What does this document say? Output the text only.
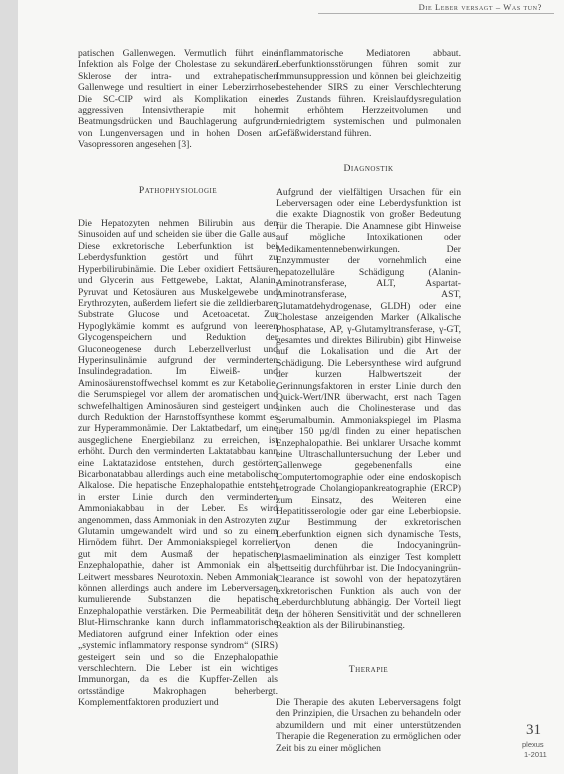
Die Leber versagt – Was tun?

patischen Gallenwegen. Vermutlich führt eine Infektion als Folge der Cholestase zu sekundären Sklerose der intra- und extrahepatischen Gallenwege und resultiert in einer Leberzirrhose. Die SC-CIP wird als Komplikation einer aggressiven Intensivtherapie mit hohen Beatmungsdrücken und Bauchlagerung aufgrund von Lungenversagen und in hohen Dosen an Vasopressoren angesehen [3].

Pathophysiologie

Die Hepatozyten nehmen Bilirubin aus den Sinusoiden auf und scheiden sie über die Galle aus. Diese exkretorische Leberfunktion ist bei Leberdysfunktion gestört und führt zu Hyperbilirubinämie. Die Leber oxidiert Fettsäuren und Glycerin aus Fettgewebe, Laktat, Alanin, Pyruvat und Ketosäuren aus Muskelgewebe und Erythrozyten, außerdem liefert sie die zelldierbaren Substrate Glucose und Acetoacetat. Zur Hypoglykämie kommt es aufgrund von leeren Glycogenspeichern und Reduktion der Gluconeogenese durch Leberzellverlust und Hyperinsulinämie aufgrund der verminderten Insulindegradation. Im Eiweiß- und Aminosäurenstoffwechsel kommt es zur Ketabolie, die Serumspiegel vor allem der aromatischen und schwefelhaltigen Aminosäuren sind gesteigert und durch Reduktion der Harnstoffsynthese kommt es zur Hyperammonämie. Der Laktatbedarf, um eine ausgeglichene Energiebilanz zu erreichen, ist erhöht. Durch den verminderten Laktatabbau kann eine Laktatazidose entstehen, durch gestörten Bicarbonatabbau allerdings auch eine metabolische Alkalose. Die hepatische Enzephalopathie entsteht in erster Linie durch den verminderten Ammoniakabbau in der Leber. Es wird angenommen, dass Ammoniak in den Astrozyten zu Glutamin umgewandelt wird und so zu einem Hirnödem führt. Der Ammoniakspiegel korreliert gut mit dem Ausmaß der hepatischen Enzephalopathie, daher ist Ammoniak ein als Leitwert messbares Neurotoxin. Neben Ammoniak können allerdings auch andere im Leberversagen kumulierende Substanzen die hepatische Enzephalopathie verstärken. Die Permeabilität der Blut-Hirnschranke kann durch inflammatorische Mediatoren aufgrund einer Infektion oder eines „systemic inflammatory response syndrom“ (SIRS) gesteigert sein und so die Enzephalopathie verschlechtern. Die Leber ist ein wichtiges Immunorgan, da es die Kupffer-Zellen als ortsständige Makrophagen beherbergt. Komplementfaktoren produziert und

inflammatorische Mediatoren abbaut. Leberfunktionsstörungen führen somit zur Immunsuppression und können bei gleichzeitig bestehender SIRS zu einer Verschlechterung des Zustands führen. Kreislaufdysregulation mit erhöhtem Herzzeitvolumen und erniedrigtem systemischen und pulmonalen Gefäßwiderstand führen.

Diagnostik

Aufgrund der vielfältigen Ursachen für ein Leberversagen oder eine Leberdysfunktion ist die exakte Diagnostik von großer Bedeutung für die Therapie. Die Anamnese gibt Hinweise auf mögliche Intoxikationen oder Medikamentennebenwirkungen. Der Enzymmuster der vornehmlich eine hepatozelluläre Schädigung (Alanin-Aminotransferase, ALT, Aspartat-Aminotransferase, AST, Glutamatdehydrogenase, GLDH) oder eine Cholestase anzeigenden Marker (Alkalische Phosphatase, AP, γ-Glutamyltransferase, γ-GT, gesamtes und direktes Bilirubin) gibt Hinweise auf die Lokalisation und die Art der Schädigung. Die Lebersynthese wird aufgrund der kurzen Halbwertszeit der Gerinnungsfaktoren in erster Linie durch den Quick-Wert/INR überwacht, erst nach Tagen sinken auch die Cholinesterase und das Serumalbumin. Ammoniakspiegel im Plasma über 150 µg/dl finden zu einer hepatischen Enzephalopathie. Bei unklarer Ursache kommt eine Ultraschalluntersuchung der Leber und Gallenwege gegebenenfalls eine Computertomographie oder eine endoskopisch retrograde Cholangiopankreatographie (ERCP) zum Einsatz, des Weiteren eine Hepatitisserologie oder gar eine Leberbiopsie. Zur Bestimmung der exkretorischen Leberfunktion eignen sich dynamische Tests, von denen die Indocyaningrün-Plasmaelimination als einziger Test komplett bettseitig durchführbar ist. Die Indocyaningrün-Clearance ist sowohl von der hepatozytären exkretorischen Funktion als auch von der Leberdurchblutung abhängig. Der Vorteil liegt in der höheren Sensitivität und der schnelleren Reaktion als der Bilirubinanstieg.

Therapie

Die Therapie des akuten Leberversagens folgt den Prinzipien, die Ursachen zu behandeln oder abzumildern und mit einer unterstützenden Therapie die Regeneration zu ermöglichen oder Zeit bis zu einer möglichen

31
plexus
1-2011
